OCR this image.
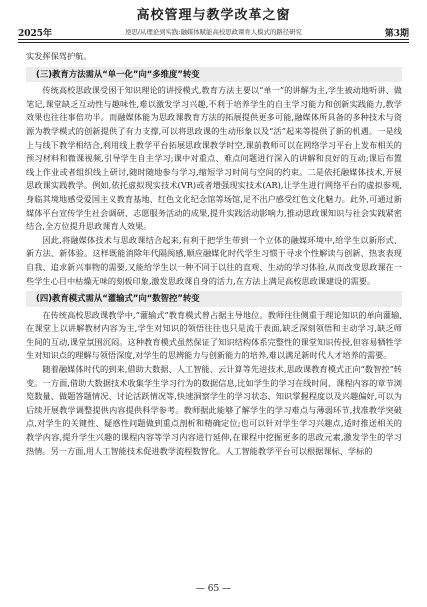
高校管理与教学改革之窗
2025年	逆思/从理论到实践:融媒体赋能高校思政课育人模式的路径研究	第3期

实发挥保驾护航。

(三)教育方法需从“单一化”向“多维度”转变

传统高校思政课受困于知识理论的讲授模式,教育方法主要以“单一”的讲解为主,学生被动地听讲、做笔记,课堂缺乏互动性与趣味性,难以激发学习兴趣,不利于培养学生的自主学习能力和创新实践能力,教学效果也往往事倍功半。而融媒体能为思政课教育方法的拓展提供更多可能,融媒体所具备的多种技术与资源为教学模式的创新提供了有力支撑,可以将思政课的生动形象以及“活”起来等提供了新的机遇。一是线上与线下教学相结合,利用线上教学平台拓展思政课教学时空,课前教师可以在网络学习平台上发布相关的预习材料和微课视频,引导学生自主学习;课中对重点、难点问题进行深入的讲解和良好的互动;课后布置线上作业或者组织线上研讨,随时随地参与学习,缩短学习时间与空间的约束。二是依托融媒体技术,开展思政课实践教学。例如,依托虚拟现实技术(VR)或者增强现实技术(AR),让学生进行网络平台的虚拟参观,身临其境地感受爱国主义教育基地、红色文化纪念馆等场馆,足不出户感受红色文化魅力。此外,可通过新媒体平台宣传学生社会调研、志愿服务活动的成果,提升实践活动影响力,推动思政课知识与社会实践紧密结合,全方位提升思政课育人效果。

因此,将融媒体技术与思政课结合起来,有利于把学生带到一个立体的融媒环境中,给学生以新形式、新方法、新体验。这样既能消除年代隔阂感,顺应融媒化时代学生习惯于寻求个性解读与创新、热衷表现自我、追求新兴事物的需要,又能给学生以一种不同于以往的直观、生动的学习体验,从而改变思政课在一些学生心目中枯燥无味的刻板印象,激发思政课自身的活力,在方法上满足高校思政课建设的需要。

(四)教育模式需从“灌输式”向“数智控”转变

在传统高校思政课教学中,“灌输式”教育模式曾占据主导地位。教师往往侧重于理论知识的单向灌输,在课堂上以讲解教材内容为主,学生对知识的领悟往往也只是流于表面,缺乏深刻领悟和主动学习,缺乏师生间的互动,课堂氛围沉闷。这种教育模式虽然保证了知识结构体系完整性的课堂知识传授,但容易牺牲学生对知识点的理解与领悟深度,对学生的思辨能力与创新能力的培养,难以满足新时代人才培养的需要。

随着融媒体时代的到来,借助大数据、人工智能、云计算等先进技术,思政课教育模式正向“数智控”转变。一方面,借助大数据技术收集学生学习行为的数据信息,比如学生的学习在线时间、课程内容的章节浏览数量、做题答题情况、讨论活跃情况等,快速洞察学生的学习状态、知识掌握程度以及兴趣偏好,可以为后续开展教学调整提供内容提供科学参考。教师据此能够了解学生的学习难点与薄弱环节,找准教学突破点,对学生的关键性、疑惑性问题做到重点剖析和精确定位;也可以针对学生学习兴趣点,适时推送相关的教学内容,提升学生兴趣的课程内容等学习内容进行延伸,在课程中挖掘更多的思政元素,激发学生的学习热情。另一方面,用人工智能技术促进教学流程数智化。人工智能教学平台可以根据课标、学标的

— 65 —
